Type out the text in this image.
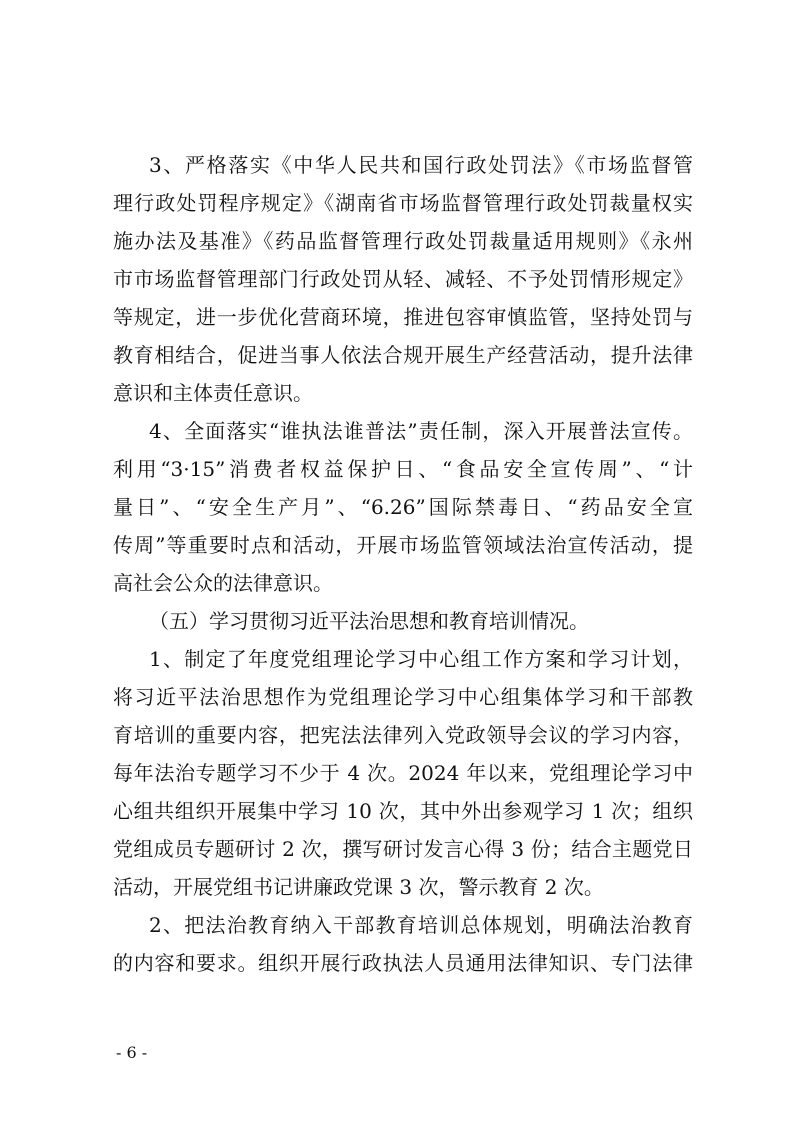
3、严格落实《中华人民共和国行政处罚法》《市场监督管
理行政处罚程序规定》《湖南省市场监督管理行政处罚裁量权实
施办法及基准》《药品监督管理行政处罚裁量适用规则》《永州
市市场监督管理部门行政处罚从轻、减轻、不予处罚情形规定》
等规定，进一步优化营商环境，推进包容审慎监管，坚持处罚与
教育相结合，促进当事人依法合规开展生产经营活动，提升法律
意识和主体责任意识。
4、全面落实“谁执法谁普法”责任制，深入开展普法宣传。
利用“3·15”消费者权益保护日、“食品安全宣传周”、“计
量日”、“安全生产月”、“6.26”国际禁毒日、“药品安全宣
传周”等重要时点和活动，开展市场监管领域法治宣传活动，提
高社会公众的法律意识。
（五）学习贯彻习近平法治思想和教育培训情况。
1、制定了年度党组理论学习中心组工作方案和学习计划，
将习近平法治思想作为党组理论学习中心组集体学习和干部教
育培训的重要内容，把宪法法律列入党政领导会议的学习内容，
每年法治专题学习不少于 4 次。2024 年以来，党组理论学习中
心组共组织开展集中学习 10 次，其中外出参观学习 1 次；组织
党组成员专题研讨 2 次，撰写研讨发言心得 3 份；结合主题党日
活动，开展党组书记讲廉政党课 3 次，警示教育 2 次。
2、把法治教育纳入干部教育培训总体规划，明确法治教育
的内容和要求。组织开展行政执法人员通用法律知识、专门法律
- 6 -
